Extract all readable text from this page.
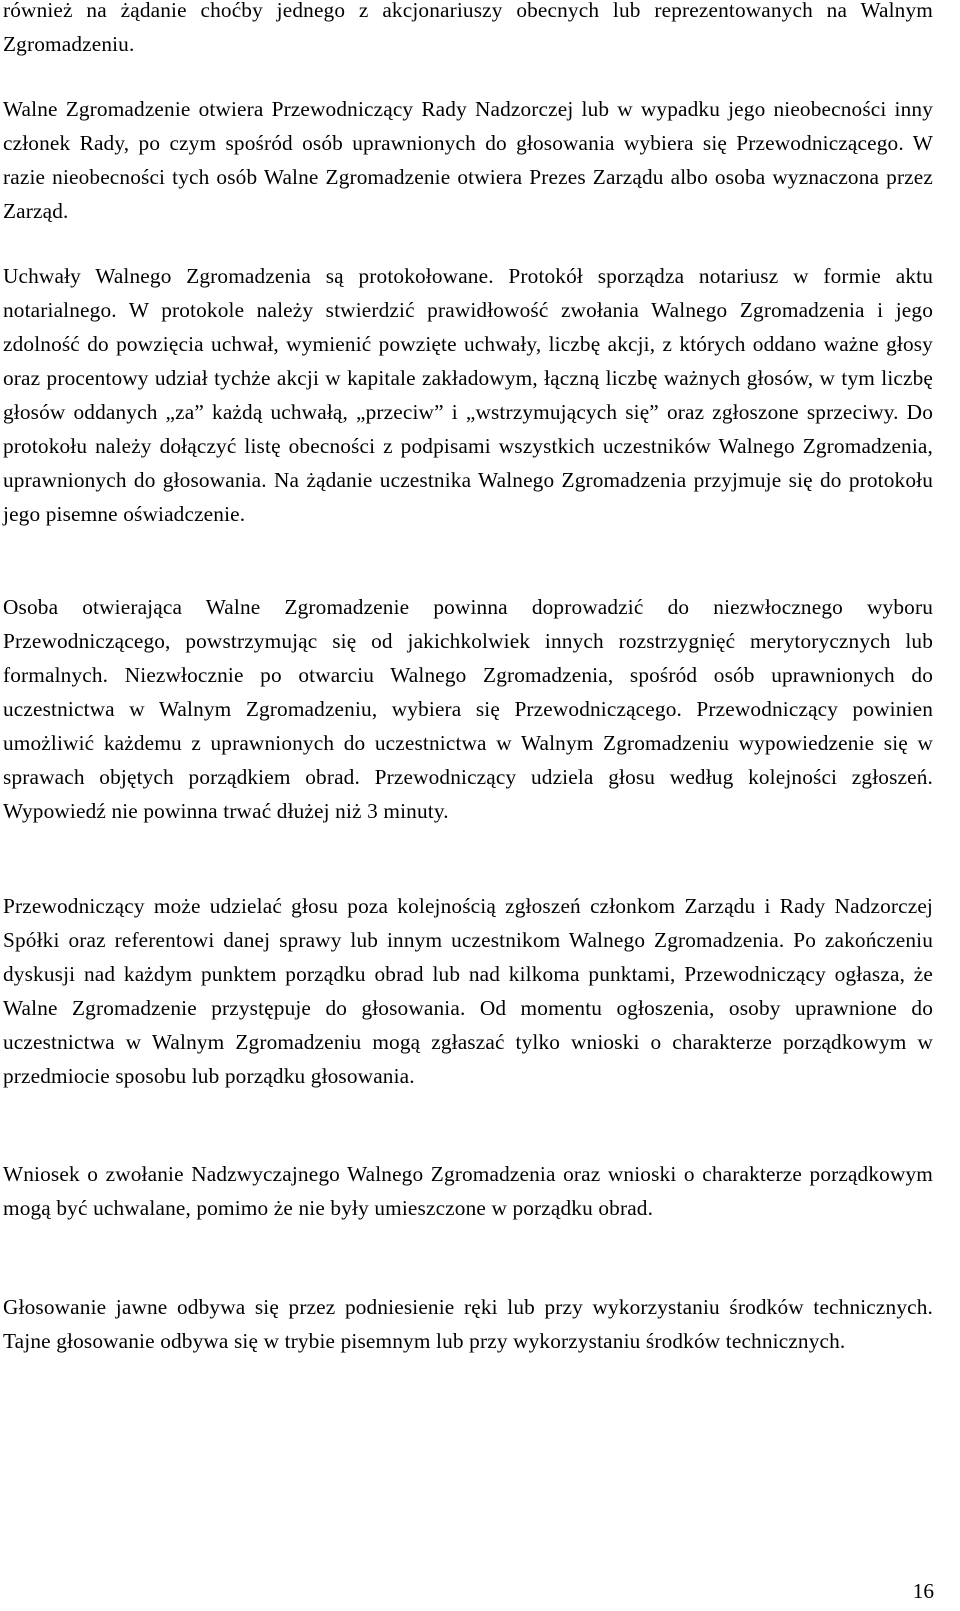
również na żądanie choćby jednego z akcjonariuszy obecnych lub reprezentowanych na Walnym Zgromadzeniu.

Walne Zgromadzenie otwiera Przewodniczący Rady Nadzorczej lub w wypadku jego nieobecności inny członek Rady, po czym spośród osób uprawnionych do głosowania wybiera się Przewodniczącego. W razie nieobecności tych osób Walne Zgromadzenie otwiera Prezes Zarządu albo osoba wyznaczona przez Zarząd.

Uchwały Walnego Zgromadzenia są protokołowane. Protokół sporządza notariusz w formie aktu notarialnego. W protokole należy stwierdzić prawidłowość zwołania Walnego Zgromadzenia i jego zdolność do powzięcia uchwał, wymienić powzięte uchwały, liczbę akcji, z których oddano ważne głosy oraz procentowy udział tychże akcji w kapitale zakładowym, łączną liczbę ważnych głosów, w tym liczbę głosów oddanych „za” każdą uchwałą, „przeciw” i „wstrzymujących się” oraz zgłoszone sprzeciwy. Do protokołu należy dołączyć listę obecności z podpisami wszystkich uczestników Walnego Zgromadzenia, uprawnionych do głosowania. Na żądanie uczestnika Walnego Zgromadzenia przyjmuje się do protokołu jego pisemne oświadczenie.

Osoba otwierająca Walne Zgromadzenie powinna doprowadzić do niezwłocznego wyboru Przewodniczącego, powstrzymując się od jakichkolwiek innych rozstrzygnięć merytorycznych lub formalnych. Niezwłocznie po otwarciu Walnego Zgromadzenia, spośród osób uprawnionych do uczestnictwa w Walnym Zgromadzeniu, wybiera się Przewodniczącego. Przewodniczący powinien umożliwić każdemu z uprawnionych do uczestnictwa w Walnym Zgromadzeniu wypowiedzenie się w sprawach objętych porządkiem obrad. Przewodniczący udziela głosu według kolejności zgłoszeń. Wypowiedź nie powinna trwać dłużej niż 3 minuty.

Przewodniczący może udzielać głosu poza kolejnością zgłoszeń członkom Zarządu i Rady Nadzorczej Spółki oraz referentowi danej sprawy lub innym uczestnikom Walnego Zgromadzenia. Po zakończeniu dyskusji nad każdym punktem porządku obrad lub nad kilkoma punktami, Przewodniczący ogłasza, że Walne Zgromadzenie przystępuje do głosowania. Od momentu ogłoszenia, osoby uprawnione do uczestnictwa w Walnym Zgromadzeniu mogą zgłaszać tylko wnioski o charakterze porządkowym w przedmiocie sposobu lub porządku głosowania.

Wniosek o zwołanie Nadzwyczajnego Walnego Zgromadzenia oraz wnioski o charakterze porządkowym mogą być uchwalane, pomimo że nie były umieszczone w porządku obrad.

Głosowanie jawne odbywa się przez podniesienie ręki lub przy wykorzystaniu środków technicznych. Tajne głosowanie odbywa się w trybie pisemnym lub przy wykorzystaniu środków technicznych.

16
